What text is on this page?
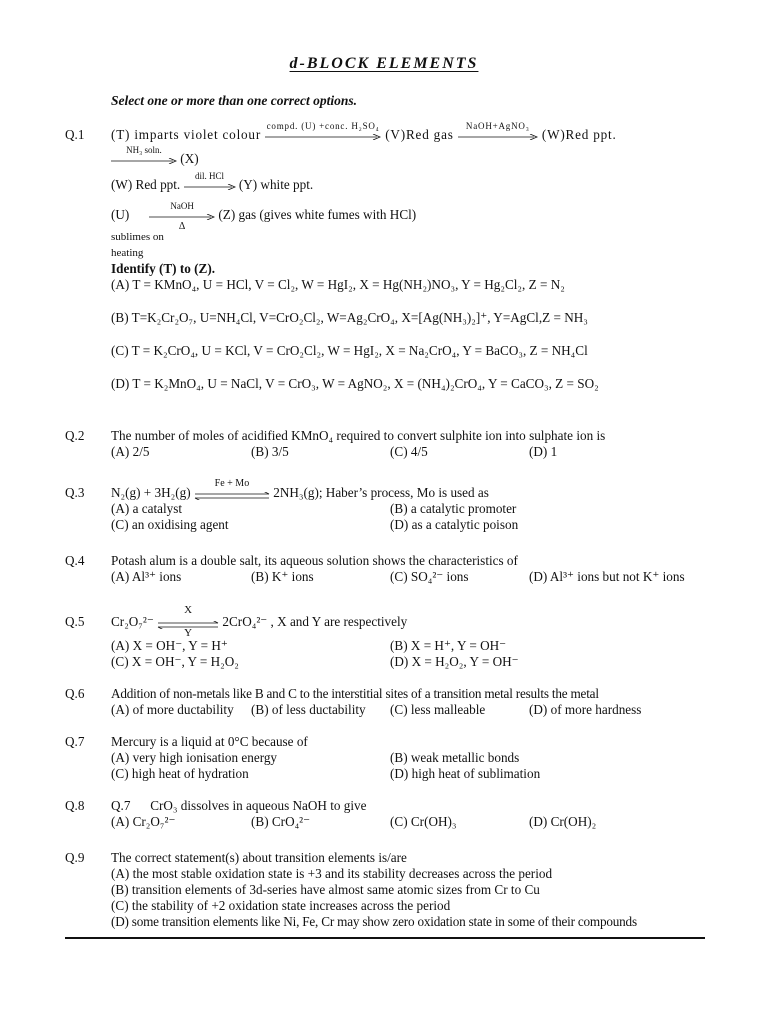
d-BLOCK ELEMENTS
Select one or more than one correct options.
Q.1 (T) imparts violet colour
compd. (U) +conc. H₂SO₄
(V)Red gas
NaOH+AgNO₃
(W)Red ppt.
NH₃ soln.
(X)
(W) Red ppt.
dil. HCl
(Y) white ppt.
(U)
NaOH
Δ
(Z) gas (gives white fumes with HCl)
sublimes on
heating
Identify (T) to (Z).
(A) T = KMnO₄, U = HCl, V = Cl₂, W = HgI₂, X = Hg(NH₂)NO₃, Y = Hg₂Cl₂, Z = N₂
(B) T=K₂Cr₂O₇, U=NH₄Cl, V=CrO₂Cl₂, W=Ag₂CrO₄, X=[Ag(NH₃)₂]⁺, Y=AgCl,Z = NH₃
(C) T = K₂CrO₄, U = KCl, V = CrO₂Cl₂, W = HgI₂, X = Na₂CrO₄, Y = BaCO₃, Z = NH₄Cl
(D) T = K₂MnO₄, U = NaCl, V = CrO₃, W = AgNO₂, X = (NH₄)₂CrO₄, Y = CaCO₃, Z = SO₂
Q.2 The number of moles of acidified KMnO₄ required to convert sulphite ion into sulphate ion is
(A) 2/5	(B) 3/5	(C) 4/5	(D) 1
Q.3 N₂(g) + 3H₂(g)
Fe + Mo
2NH₃(g); Haber’s process, Mo is used as
(A) a catalyst	(B) a catalytic promoter
(C) an oxidising agent	(D) as a catalytic poison
Q.4 Potash alum is a double salt, its aqueous solution shows the characteristics of
(A) Al³⁺ ions	(B) K⁺ ions	(C) SO₄²⁻ ions	(D) Al³⁺ ions but not K⁺ ions
Q.5 Cr₂O₇²⁻
X
Y
2CrO₄²⁻ , X and Y are respectively
(A) X = OH⁻, Y = H⁺	(B) X = H⁺, Y = OH⁻
(C) X = OH⁻, Y = H₂O₂	(D) X = H₂O₂, Y = OH⁻
Q.6 Addition of non-metals like B and C to the interstitial sites of a transition metal results the metal
(A) of more ductability (B) of less ductability (C) less malleable	(D) of more hardness
Q.7 Mercury is a liquid at 0°C because of
(A) very high ionisation energy	(B) weak metallic bonds
(C) high heat of hydration	(D) high heat of sublimation
Q.8 Q.7      CrO₃ dissolves in aqueous NaOH to give
(A) Cr₂O₇²⁻	(B) CrO₄²⁻	(C) Cr(OH)₃	(D) Cr(OH)₂
Q.9 The correct statement(s) about transition elements is/are
(A) the most stable oxidation state is +3 and its stability decreases across the period
(B) transition elements of 3d-series have almost same atomic sizes from Cr to Cu
(C) the stability of +2 oxidation state increases across the period
(D) some transition elements like Ni, Fe, Cr may show zero oxidation state in some of their compounds
